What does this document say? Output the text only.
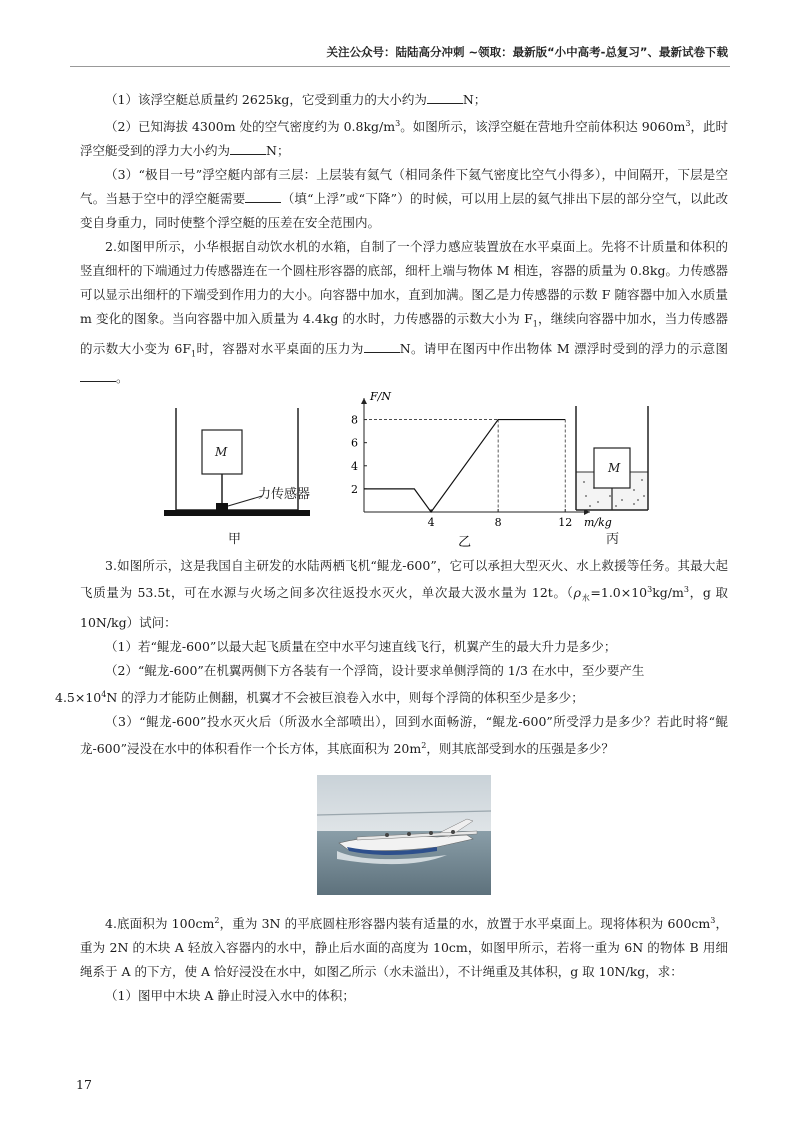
关注公众号：陆陆高分冲刺 ~领取：最新版“小中高考-总复习”、最新试卷下载

（1）该浮空艇总质量约 2625kg，它受到重力的大小约为	N；

（2）已知海拔 4300m 处的空气密度约为 $0.8kg/m^3$。如图所示，该浮空艇在营地升空前体积达 $9060m^3$，此时浮空艇受到的浮力大小约为	N；

（3）“极目一号”浮空艇内部有三层：上层装有氦气（相同条件下氦气密度比空气小得多），中间隔开，下层是空气。当悬于空中的浮空艇需要	（填“上浮”或“下降”）的时候，可以用上层的氦气排出下层的部分空气，以此改变自身重力，同时使整个浮空艇的压差在安全范围内。

2.如图甲所示，小华根据自动饮水机的水箱，自制了一个浮力感应装置放在水平桌面上。先将不计质量和体积的竖直细杆的下端通过力传感器连在一个圆柱形容器的底部，细杆上端与物体 M 相连，容器的质量为 0.8kg。力传感器可以显示出细杆的下端受到作用力的大小。向容器中加水，直到加满。图乙是力传感器的示数 F 随容器中加入水质量 m 变化的图象。当向容器中加入质量为 4.4kg 的水时，力传感器的示数大小为 $F_1$，继续向容器中加水，当力传感器的示数大小变为 $6F_1$时，容器对水平桌面的压力为	N。请甲在图丙中作出物体 M 漂浮时受到的浮力的示意图。

M
力传感器
甲
2
4
6
8
4	8	12
F/N
m/kg
乙
M
丙

3.如图所示，这是我国自主研发的水陆两栖飞机“鲲龙-600”，它可以承担大型灭火、水上救援等任务。其最大起飞质量为 53.5t，可在水源与火场之间多次往返投水灭火，单次最大汲水量为 12t。（$\rho_水=1.0\times 10^3kg/m^3$，g 取10N/kg）试问：

（1）若“鲲龙-600”以最大起飞质量在空中水平匀速直线飞行，机翼产生的最大升力是多少；

（2）“鲲龙-600”在机翼两侧下方各装有一个浮筒，设计要求单侧浮筒的 1/3 在水中，至少要产生
$4.5\times 10^4N$ 的浮力才能防止侧翻，机翼才不会被巨浪卷入水中，则每个浮筒的体积至少是多少；

（3）“鲲龙-600”投水灭火后（所汲水全部喷出），回到水面畅游，“鲲龙-600”所受浮力是多少？若此时将“鲲龙-600”浸没在水中的体积看作一个长方体，其底面积为 $20m^2$，则其底部受到水的压强是多少？

4.底面积为 $100cm^2$，重为 3N 的平底圆柱形容器内装有适量的水，放置于水平桌面上。现将体积为 $600cm^3$，重为 2N 的木块 A 轻放入容器内的水中，静止后水面的高度为 10cm，如图甲所示，若将一重为 6N 的物体 B 用细绳系于 A 的下方，使 A 恰好浸没在水中，如图乙所示（水未溢出），不计绳重及其体积，g 取 10N/kg，求：

（1）图甲中木块 A 静止时浸入水中的体积；

17
